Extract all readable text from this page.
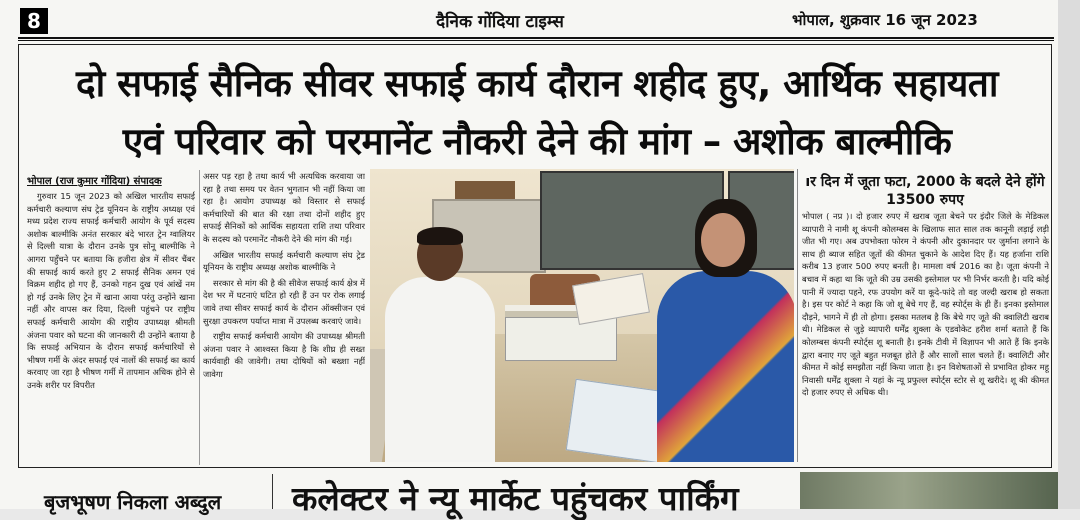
8	दैनिक गोंदिया टाइम्स	भोपाल, शुक्रवार 16 जून 2023
दो सफाई सैनिक सीवर सफाई कार्य दौरान शहीद हुए, आर्थिक सहायता
एवं परिवार को परमानेंट नौकरी देने की मांग – अशोक बाल्मीकि
भोपाल (राज कुमार गोंदिया) संपादक

गुरुवार 15 जून 2023 को अखिल भारतीय सफाई कर्मचारी कल्याण संघ ट्रेड यूनियन के राष्ट्रीय अध्यक्ष एवं मध्य प्रदेश राज्य सफाई कर्मचारी आयोग के पूर्व सदस्य अशोक बाल्मीकि अनंत सरकार बंदे भारत ट्रेन ग्वालियर से दिल्ली यात्रा के दौरान उनके पुत्र सोनू बाल्मीकि ने आगरा पहुँचने पर बताया कि हजीरा क्षेत्र में सीवर चैंबर की सफाई कार्य करते हुए 2 सफाई सैनिक अमन एवं विक्रम शहीद हो गए हैं, उनको गहन दुख एवं आंखें नम हो गई उनके लिए ट्रेन में खाना आया परंतु उन्होंने खाना नहीं और वापस कर दिया, दिल्ली पहुंचने पर राष्ट्रीय सफाई कर्मचारी आयोग की राष्ट्रीय उपाध्यक्ष श्रीमती अंजना पवार को घटना की जानकारी दी उन्होंने बताया है कि सफाई अभियान के दौरान सफाई कर्मचारियों से भीषण गर्मी के अंदर सफाई एवं नालों की सफाई का कार्य करवाए जा रहा है भीषण गर्मी में तापमान अधिक होने से उनके शरीर पर विपरीत

असर पड़ रहा है तथा कार्य भी अत्यधिक करवाया जा रहा है तथा समय पर वेतन भुगतान भी नहीं किया जा रहा है। आयोग उपाध्यक्ष को विस्तार से सफाई कर्मचारियों की बात की रक्षा तथा दोनों शहीद हुए सफाई सैनिकों को आर्थिक सहायता राशि तथा परिवार के सदस्य को परमानेंट नौकरी देने की मांग की गई।

अखिल भारतीय सफाई कर्मचारी कल्याण संघ ट्रेड यूनियन के राष्ट्रीय अध्यक्ष अशोक बाल्मीकि ने

सरकार से मांग की है की सीवेज सफाई कार्य क्षेत्र में देश भर में घटनाएं घटित हो रही हैं उन पर रोक लगाई जावे तथा सीवर सफाई कार्य के दौरान ऑक्सीजन एवं सुरक्षा उपकरण पर्याप्त मात्रा में उपलब्ध करवाएं जावे।

राष्ट्रीय सफाई कर्मचारी आयोग की उपाध्यक्ष श्रीमती अंजना पवार ने आश्वस्त किया है कि शीघ्र ही सख्त कार्यवाही की जावेगी। तथा दोषियों को बख्शा नहीं जावेगा

ıर दिन में जूता फटा, 2000 के बदले देने होंगे 13500 रुपए

भोपाल ( नप्र )। दो हजार रुपए में खराब जूता बेचने पर इंदौर जिले के मेडिकल व्यापारी ने नामी शू कंपनी कोलम्बस के खिलाफ सात साल तक कानूनी लड़ाई लड़ी जीत भी गए। अब उपभोक्ता फोरम ने कंपनी और दुकानदार पर जुर्माना लगाने के साथ ही ब्याज सहित जूतों की कीमत चुकाने के आदेश दिए हैं। यह हर्जाना राशि करीब 13 हजार 500 रुपए बनती है। मामला वर्ष 2016 का है। जूता कंपनी ने बचाव में कहा था कि जूते की उम्र उसकी इस्तेमाल पर भी निर्भर करती है। यदि कोई पानी में ज्यादा पहने, रफ उपयोग करें या कूदे-फांदे तो वह जल्दी खराब हो सकता है। इस पर कोर्ट ने कहा कि जो शू बेचे गए हैं, वह स्पोर्ट्स के ही हैं। इनका इस्तेमाल दौड़ने, भागने में ही तो होगा। इसका मतलब है कि बेचे गए जूते की क्वालिटी खराब थी। मेडिकल से जुड़े व्यापारी धर्मेंद्र शुक्ला के एडवोकेट हरीश शर्मा बताते हैं कि कोलम्बस कंपनी स्पोर्ट्स शू बनाती है। इनके टीवी में विज्ञापन भी आते हैं कि इनके द्वारा बनाए गए जूते बहुत मजबूत होते हैं और सालों साल चलते हैं। क्वालिटी और कीमत में कोई समझौता नहीं किया जाता है। इन विशेषताओं से प्रभावित होकर महू निवासी धर्मेंद्र शुक्ला ने यहां के न्यू प्रफुल्ल स्पोर्ट्स स्टोर से शू खरीदे। शू की कीमत दो हजार रुपए से अधिक थी।

बृजभूषण निकला अब्दुल कलेक्टर ने न्यू मार्केट पहुंचकर पार्किंग
